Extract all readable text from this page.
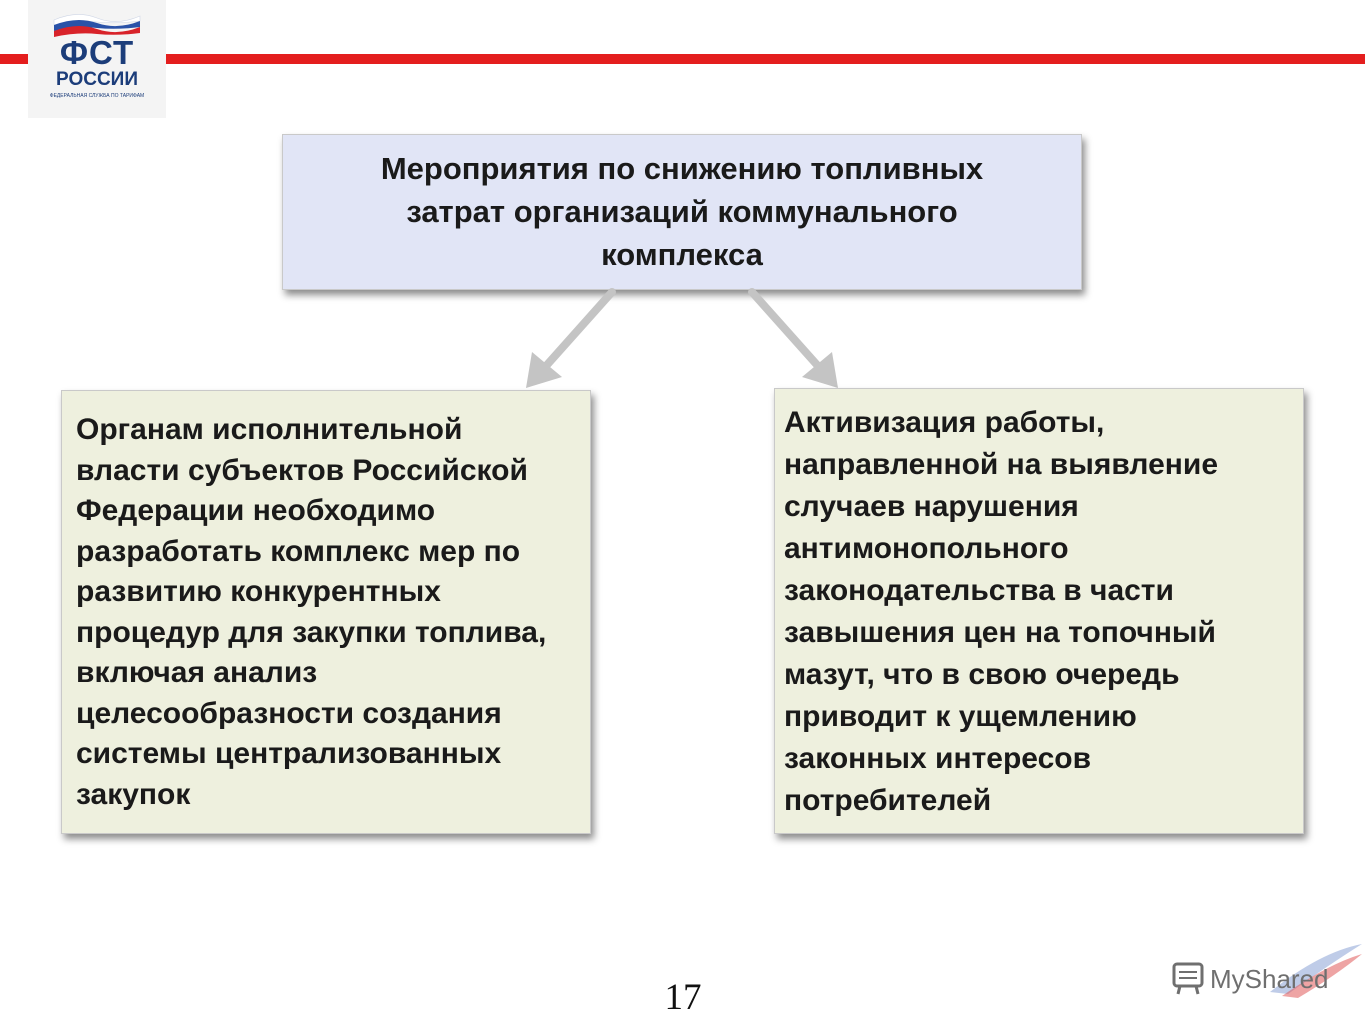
ФСТ
РОССИИ
ФЕДЕРАЛЬНАЯ СЛУЖБА ПО ТАРИФАМ
Мероприятия по снижению топливных
затрат организаций коммунального
комплекса
Органам исполнительной
власти субъектов Российской
Федерации необходимо
разработать комплекс мер по
развитию конкурентных
процедур для закупки топлива,
включая анализ
целесообразности создания
системы централизованных
закупок
Активизация работы,
направленной на выявление
случаев нарушения
антимонопольного
законодательства в части
завышения цен на топочный
мазут, что в свою очередь
приводит к ущемлению
законных интересов
потребителей
17	MyShared
